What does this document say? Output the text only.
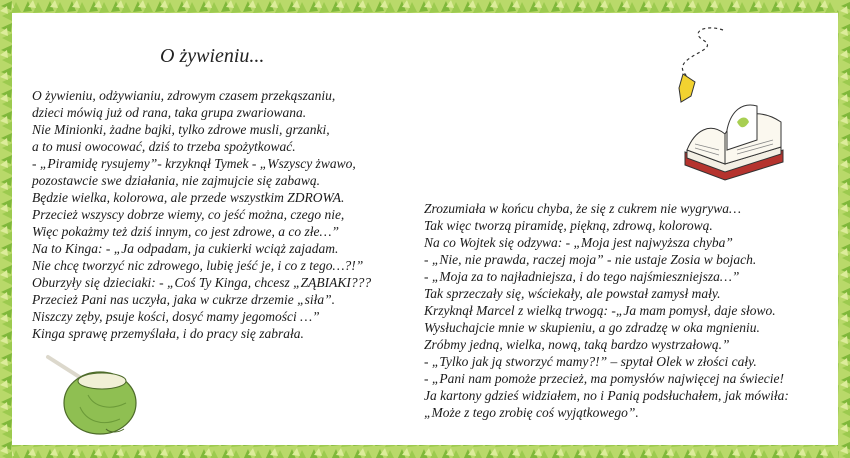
O żywieniu...
O żywieniu, odżywianiu, zdrowym czasem przekąszaniu,
dzieci mówią już od rana, taka grupa zwariowana.
Nie Minionki, żadne bajki, tylko zdrowe musli, grzanki,
a to musi owocować, dziś to trzeba spożytkować.
- „Piramidę rysujemy”- krzyknął Tymek - „Wszyscy żwawo,
pozostawcie swe działania, nie zajmujcie się zabawą.
Będzie wielka, kolorowa, ale przede wszystkim ZDROWA.
Przecież wszyscy dobrze wiemy, co jeść można, czego nie,
Więc pokażmy też dziś innym, co jest zdrowe, a co złe…”
Na to Kinga: - „Ja odpadam, ja cukierki wciąż zajadam.
Nie chcę tworzyć nic zdrowego, lubię jeść je, i co z tego…?!”
Oburzyły się dzieciaki: - „Coś Ty Kinga, chcesz „ZĄBIAKI???
Przecież Pani nas uczyła, jaka w cukrze drzemie „siła”.
Niszczy zęby, psuje kości, dosyć mamy jegomości …”
Kinga sprawę przemyślała, i do pracy się zabrała.
Zrozumiała w końcu chyba, że się z cukrem nie wygrywa…
Tak więc tworzą piramidę, piękną, zdrową, kolorową.
Na co Wojtek się odzywa: - „Moja jest najwyższa chyba”
- „Nie, nie prawda, raczej moja” - nie ustaje Zosia w bojach.
- „Moja za to najładniejsza, i do tego najśmieszniejsza…”
Tak sprzeczały się, wściekały, ale powstał zamysł mały.
Krzyknął Marcel z wielką trwogą: -„Ja mam pomysł, daje słowo.
Wysłuchajcie mnie w skupieniu, a go zdradzę w oka mgnieniu.
Zróbmy jedną, wielka, nową, taką bardzo wystrzałową.”
- „Tylko jak ją stworzyć mamy?!” – spytał Olek w złości cały.
- „Pani nam pomoże przecież, ma pomysłów najwięcej na świecie!
Ja kartony gdzieś widziałem, no i Panią podsłuchałem, jak mówiła:
„Może z tego zrobię coś wyjątkowego”.
